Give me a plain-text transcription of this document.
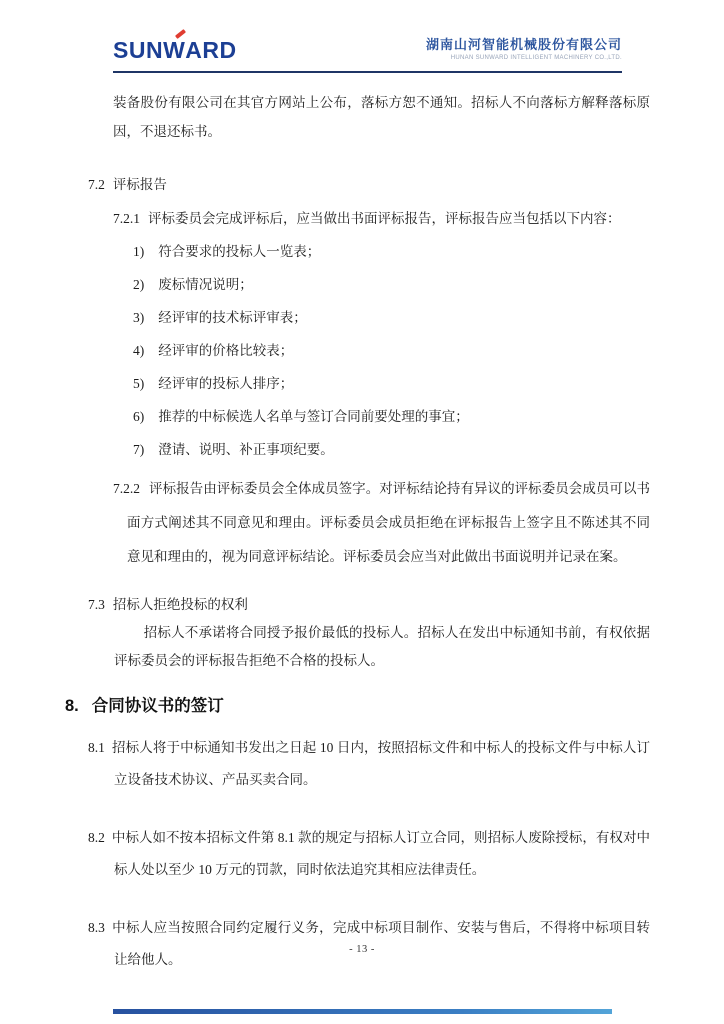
SUNW
ARD	湖南山河智能机械股份有限公司
HUNAN SUNWARD INTELLIGENT MACHINERY CO.,LTD.

装备股份有限公司在其官方网站上公布，落标方恕不通知。招标人不向落标方解释落标原因，不退还标书。

7.2 评标报告

7.2.1 评标委员会完成评标后，应当做出书面评标报告，评标报告应当包括以下内容：

1) 符合要求的投标人一览表；
2) 废标情况说明；
3) 经评审的技术标评审表；
4) 经评审的价格比较表；
5) 经评审的投标人排序；
6) 推荐的中标候选人名单与签订合同前要处理的事宜；
7) 澄请、说明、补正事项纪要。

7.2.2 评标报告由评标委员会全体成员签字。对评标结论持有异议的评标委员会成员可以书面方式阐述其不同意见和理由。评标委员会成员拒绝在评标报告上签字且不陈述其不同意见和理由的，视为同意评标结论。评标委员会应当对此做出书面说明并记录在案。

7.3 招标人拒绝投标的权利

招标人不承诺将合同授予报价最低的投标人。招标人在发出中标通知书前，有权依据评标委员会的评标报告拒绝不合格的投标人。

8. 合同协议书的签订

8.1 招标人将于中标通知书发出之日起 10 日内，按照招标文件和中标人的投标文件与中标人订立设备技术协议、产品买卖合同。

8.2 中标人如不按本招标文件第 8.1 款的规定与招标人订立合同，则招标人废除授标，有权对中标人处以至少 10 万元的罚款，同时依法追究其相应法律责任。

8.3 中标人应当按照合同约定履行义务，完成中标项目制作、安装与售后，不得将中标项目转让给他人。

- 13 -
